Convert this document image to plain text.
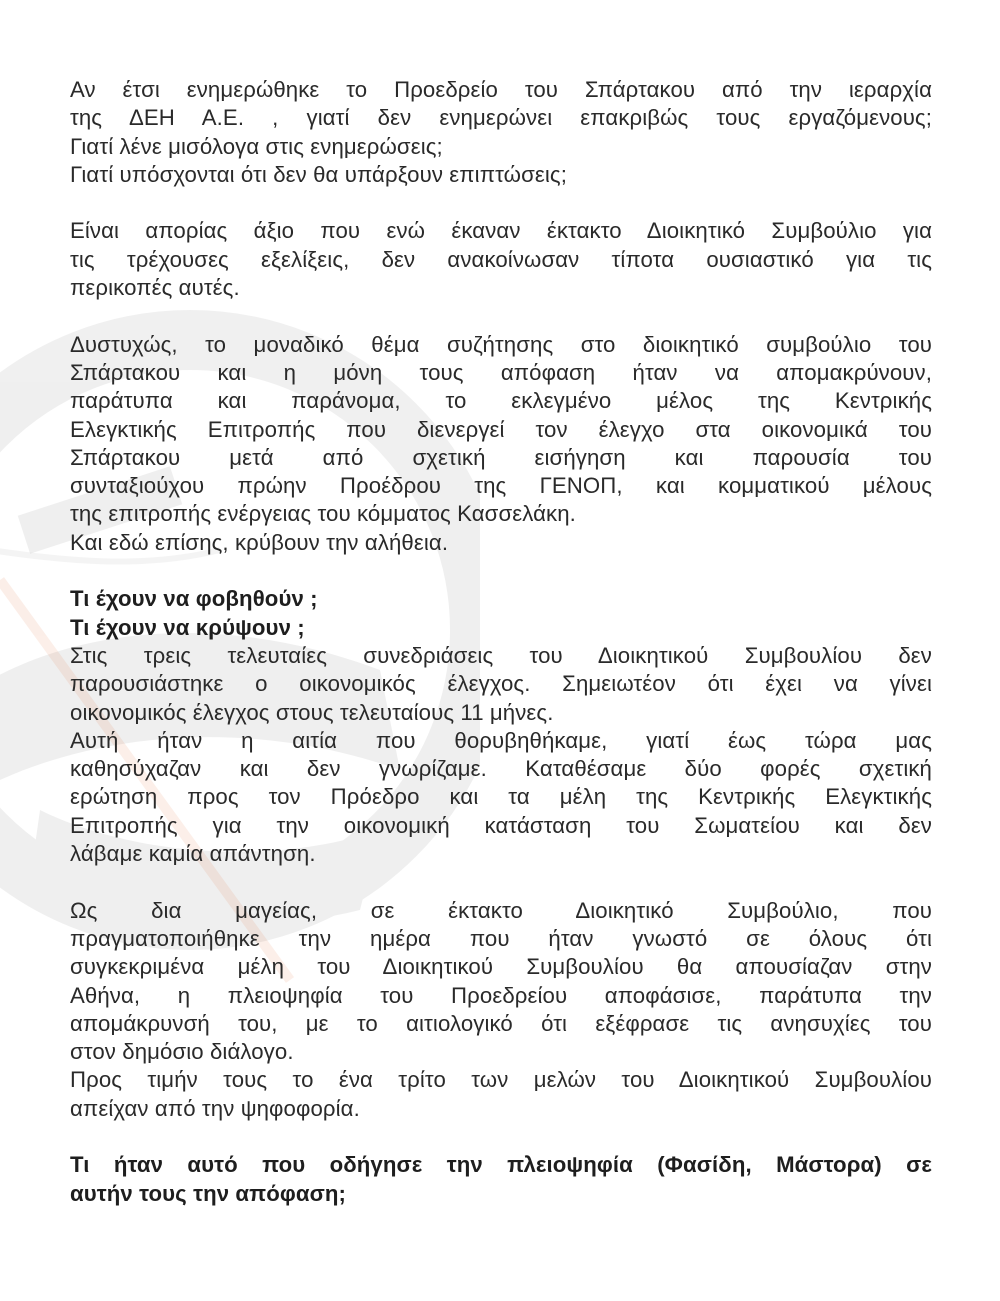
Αν έτσι ενημερώθηκε το Προεδρείο του Σπάρτακου από την ιεραρχία
της ΔΕΗ Α.Ε. , γιατί δεν ενημερώνει επακριβώς τους εργαζόμενους;
Γιατί λένε μισόλογα στις ενημερώσεις;
Γιατί υπόσχονται ότι δεν θα υπάρξουν επιπτώσεις;
Είναι απορίας άξιο που ενώ έκαναν έκτακτο Διοικητικό Συμβούλιο για
τις τρέχουσες εξελίξεις, δεν ανακοίνωσαν τίποτα ουσιαστικό για τις
περικοπές αυτές.
Δυστυχώς, το μοναδικό θέμα συζήτησης στο διοικητικό συμβούλιο του
Σπάρτακου και η μόνη τους απόφαση ήταν να απομακρύνουν,
παράτυπα και παράνομα, το εκλεγμένο μέλος της Κεντρικής
Ελεγκτικής Επιτροπής που διενεργεί τον έλεγχο στα οικονομικά του
Σπάρτακου μετά από σχετική εισήγηση και παρουσία του
συνταξιούχου πρώην Προέδρου της ΓΕΝΟΠ, και κομματικού μέλους
της επιτροπής ενέργειας του κόμματος Κασσελάκη.
Και εδώ επίσης, κρύβουν την αλήθεια.
Τι έχουν να φοβηθούν ;
Τι έχουν να κρύψουν ;
Στις τρεις τελευταίες συνεδριάσεις του Διοικητικού Συμβουλίου δεν
παρουσιάστηκε ο οικονομικός έλεγχος. Σημειωτέον ότι έχει να γίνει
οικονομικός έλεγχος στους τελευταίους 11 μήνες.
Αυτή ήταν η αιτία που θορυβηθήκαμε, γιατί έως τώρα μας
καθησύχαζαν και δεν γνωρίζαμε. Καταθέσαμε δύο φορές σχετική
ερώτηση προς τον Πρόεδρο και τα μέλη της Κεντρικής Ελεγκτικής
Επιτροπής για την οικονομική κατάσταση του Σωματείου και δεν
λάβαμε καμία απάντηση.
Ως δια μαγείας, σε έκτακτο Διοικητικό Συμβούλιο, που
πραγματοποιήθηκε την ημέρα που ήταν γνωστό σε όλους ότι
συγκεκριμένα μέλη του Διοικητικού Συμβουλίου θα απουσίαζαν στην
Αθήνα, η πλειοψηφία του Προεδρείου αποφάσισε, παράτυπα την
απομάκρυνσή του, με το αιτιολογικό ότι εξέφρασε τις ανησυχίες του
στον δημόσιο διάλογο.
Προς τιμήν τους το ένα τρίτο των μελών του Διοικητικού Συμβουλίου
απείχαν από την ψηφοφορία.
Τι ήταν αυτό που οδήγησε την πλειοψηφία (Φασίδη, Μάστορα) σε
αυτήν τους την απόφαση;
